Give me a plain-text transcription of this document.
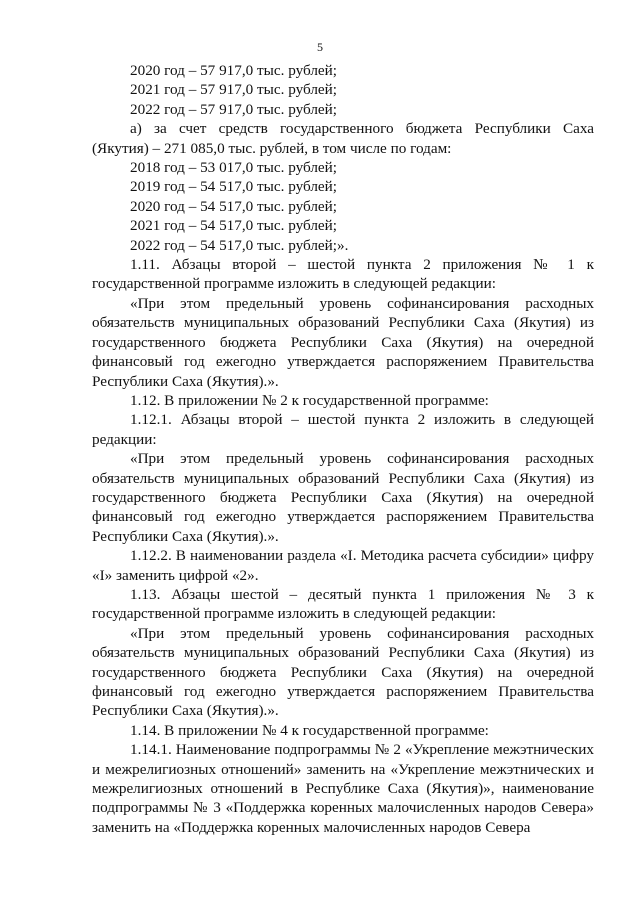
5

2020 год – 57 917,0 тыс. рублей;

2021 год – 57 917,0 тыс. рублей;

2022 год – 57 917,0 тыс. рублей;

а) за счет средств государственного бюджета Республики Саха (Якутия) – 271 085,0 тыс. рублей, в том числе по годам:

2018 год – 53 017,0 тыс. рублей;

2019 год – 54 517,0 тыс. рублей;

2020 год – 54 517,0 тыс. рублей;

2021 год – 54 517,0 тыс. рублей;

2022 год – 54 517,0 тыс. рублей;».

1.11. Абзацы второй – шестой пункта 2 приложения № 1 к государственной программе изложить в следующей редакции:

«При этом предельный уровень софинансирования расходных обязательств муниципальных образований Республики Саха (Якутия) из государственного бюджета Республики Саха (Якутия) на очередной финансовый год ежегодно утверждается распоряжением Правительства Республики Саха (Якутия).».

1.12. В приложении № 2 к государственной программе:

1.12.1. Абзацы второй – шестой пункта 2 изложить в следующей редакции:

«При этом предельный уровень софинансирования расходных обязательств муниципальных образований Республики Саха (Якутия) из государственного бюджета Республики Саха (Якутия) на очередной финансовый год ежегодно утверждается распоряжением Правительства Республики Саха (Якутия).».

1.12.2. В наименовании раздела «I. Методика расчета субсидии» цифру «I» заменить цифрой «2».

1.13. Абзацы шестой – десятый пункта 1 приложения № 3 к государственной программе изложить в следующей редакции:

«При этом предельный уровень софинансирования расходных обязательств муниципальных образований Республики Саха (Якутия) из государственного бюджета Республики Саха (Якутия) на очередной финансовый год ежегодно утверждается распоряжением Правительства Республики Саха (Якутия).».

1.14. В приложении № 4 к государственной программе:

1.14.1. Наименование подпрограммы № 2 «Укрепление межэтнических и межрелигиозных отношений» заменить на «Укрепление межэтнических и межрелигиозных отношений в Республике Саха (Якутия)», наименование подпрограммы № 3 «Поддержка коренных малочисленных народов Севера» заменить на «Поддержка коренных малочисленных народов Севера
